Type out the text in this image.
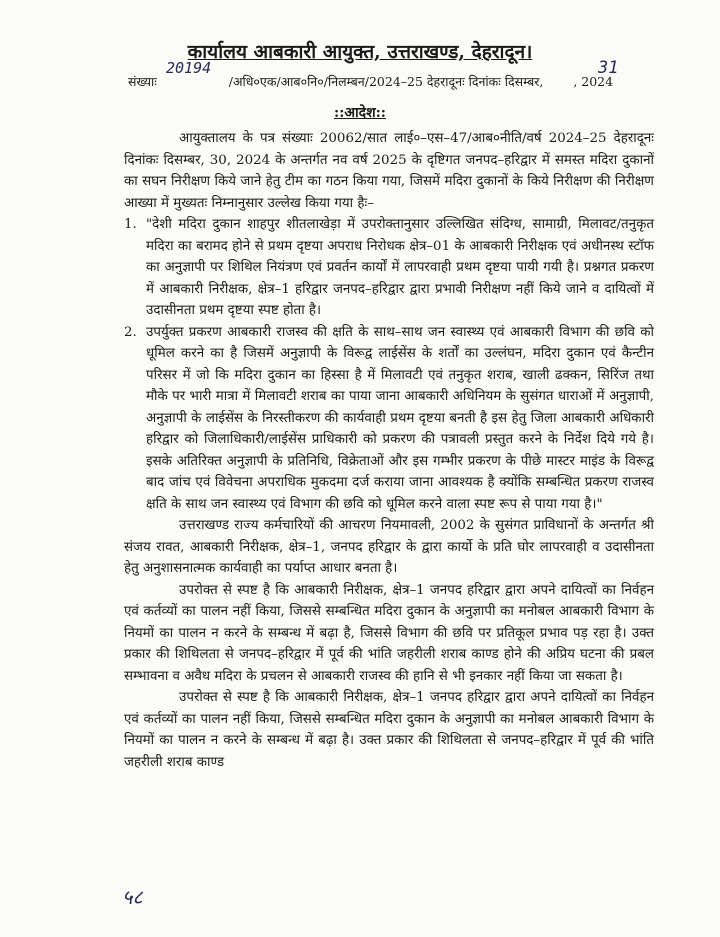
कार्यालय आबकारी आयुक्त, उत्तराखण्ड, देहरादून।
संख्याः	/अधि०एक/आब०नि०/निलम्बन/2024–25 देहरादूनः दिनांकः दिसम्बर, , 2024
20194	31
::आदेश::

आयुक्तालय के पत्र संख्याः 20062/सात लाई०–एस–47/आब०नीति/वर्ष 2024–25 देहरादूनः दिनांकः दिसम्बर, 30, 2024 के अन्तर्गत नव वर्ष 2025 के दृष्टिगत जनपद–हरिद्वार में समस्त मदिरा दुकानों का सघन निरीक्षण किये जाने हेतु टीम का गठन किया गया, जिसमें मदिरा दुकानों के किये निरीक्षण की निरीक्षण आख्या में मुख्यतः निम्नानुसार उल्लेख किया गया हैः–

1. "देशी मदिरा दुकान शाहपुर शीतलाखेड़ा में उपरोक्तानुसार उल्लिखित संदिग्ध, सामाग्री, मिलावट/तनुकृत मदिरा का बरामद होने से प्रथम दृष्टया अपराध निरोधक क्षेत्र–01 के आबकारी निरीक्षक एवं अधीनस्थ स्टॉफ का अनुज्ञापी पर शिथिल नियंत्रण एवं प्रवर्तन कार्यों में लापरवाही प्रथम दृष्टया पायी गयी है। प्रश्नगत प्रकरण में आबकारी निरीक्षक, क्षेत्र–1 हरिद्वार जनपद–हरिद्वार द्वारा प्रभावी निरीक्षण नहीं किये जाने व दायित्वों में उदासीनता प्रथम दृष्टया स्पष्ट होता है।

2. उपर्युक्त प्रकरण आबकारी राजस्व की क्षति के साथ–साथ जन स्वास्थ्य एवं आबकारी विभाग की छवि को धूमिल करने का है जिसमें अनुज्ञापी के विरूद्व लाईसेंस के शर्तों का उल्लंघन, मदिरा दुकान एवं कैन्टीन परिसर में जो कि मदिरा दुकान का हिस्सा है में मिलावटी एवं तनुकृत शराब, खाली ढक्कन, सिरिंज तथा मौके पर भारी मात्रा में मिलावटी शराब का पाया जाना आबकारी अधिनियम के सुसंगत धाराओं में अनुज्ञापी, अनुज्ञापी के लाईसेंस के निरस्तीकरण की कार्यवाही प्रथम दृष्टया बनती है इस हेतु जिला आबकारी अधिकारी हरिद्वार को जिलाधिकारी/लाईसेंस प्राधिकारी को प्रकरण की पत्रावली प्रस्तुत करने के निर्देश दिये गये है। इसके अतिरिक्त अनुज्ञापी के प्रतिनिधि, विक्रेताओं और इस गम्भीर प्रकरण के पीछे मास्टर माइंड के विरूद्व बाद जांच एवं विवेचना अपराधिक मुकदमा दर्ज कराया जाना आवश्यक है क्योंकि सम्बन्धित प्रकरण राजस्व क्षति के साथ जन स्वास्थ्य एवं विभाग की छवि को धूमिल करने वाला स्पष्ट रूप से पाया गया है।"

उत्तराखण्ड राज्य कर्मचारियों की आचरण नियमावली, 2002 के सुसंगत प्राविधानों के अन्तर्गत श्री संजय रावत, आबकारी निरीक्षक, क्षेत्र–1, जनपद हरिद्वार के द्वारा कार्यो के प्रति घोर लापरवाही व उदासीनता हेतु अनुशासनात्मक कार्यवाही का पर्याप्त आधार बनता है।

उपरोक्त से स्पष्ट है कि आबकारी निरीक्षक, क्षेत्र–1 जनपद हरिद्वार द्वारा अपने दायित्वों का निर्वहन एवं कर्तव्यों का पालन नहीं किया, जिससे सम्बन्धित मदिरा दुकान के अनुज्ञापी का मनोबल आबकारी विभाग के नियमों का पालन न करने के सम्बन्ध में बढ़ा है, जिससे विभाग की छवि पर प्रतिकूल प्रभाव पड़ रहा है। उक्त प्रकार की शिथिलता से जनपद–हरिद्वार में पूर्व की भांति जहरीली शराब काण्ड होने की अप्रिय घटना की प्रबल सम्भावना व अवैध मदिरा के प्रचलन से आबकारी राजस्व की हानि से भी इनकार नहीं किया जा सकता है।

उपरोक्त से स्पष्ट है कि आबकारी निरीक्षक, क्षेत्र–1 जनपद हरिद्वार द्वारा अपने दायित्वों का निर्वहन एवं कर्तव्यों का पालन नहीं किया, जिससे सम्बन्धित मदिरा दुकान के अनुज्ञापी का मनोबल आबकारी विभाग के नियमों का पालन न करने के सम्बन्ध में बढ़ा है। उक्त प्रकार की शिथिलता से जनपद–हरिद्वार में पूर्व की भांति जहरीली शराब काण्ड

५८
